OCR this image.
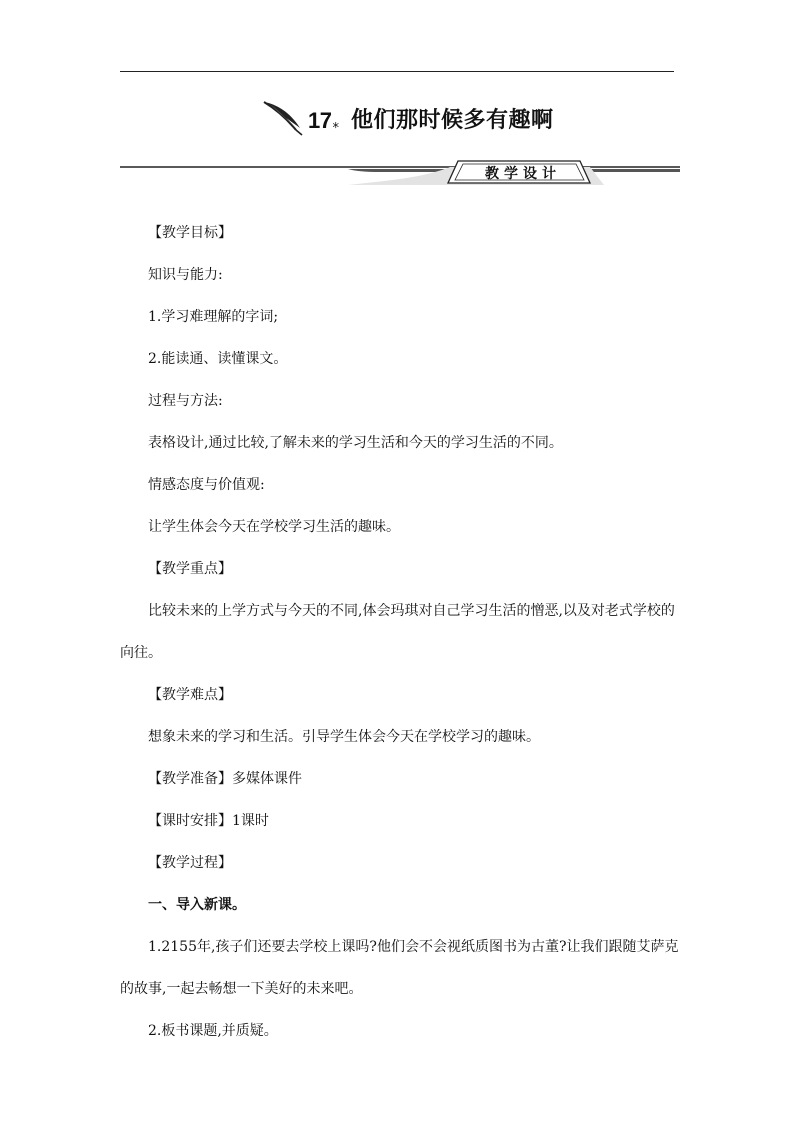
17 * 他们那时候多有趣啊
教学设计

【教学目标】

知识与能力:

1.学习难理解的字词;

2.能读通、读懂课文。

过程与方法:

表格设计,通过比较,了解未来的学习生活和今天的学习生活的不同。

情感态度与价值观:

让学生体会今天在学校学习生活的趣味。

【教学重点】

比较未来的上学方式与今天的不同,体会玛琪对自己学习生活的憎恶,以及对老式学校的向往。

【教学难点】

想象未来的学习和生活。引导学生体会今天在学校学习的趣味。

【教学准备】多媒体课件

【课时安排】1课时

【教学过程】

一、导入新课。

1.2155年,孩子们还要去学校上课吗?他们会不会视纸质图书为古董?让我们跟随艾萨克的故事,一起去畅想一下美好的未来吧。

2.板书课题,并质疑。
